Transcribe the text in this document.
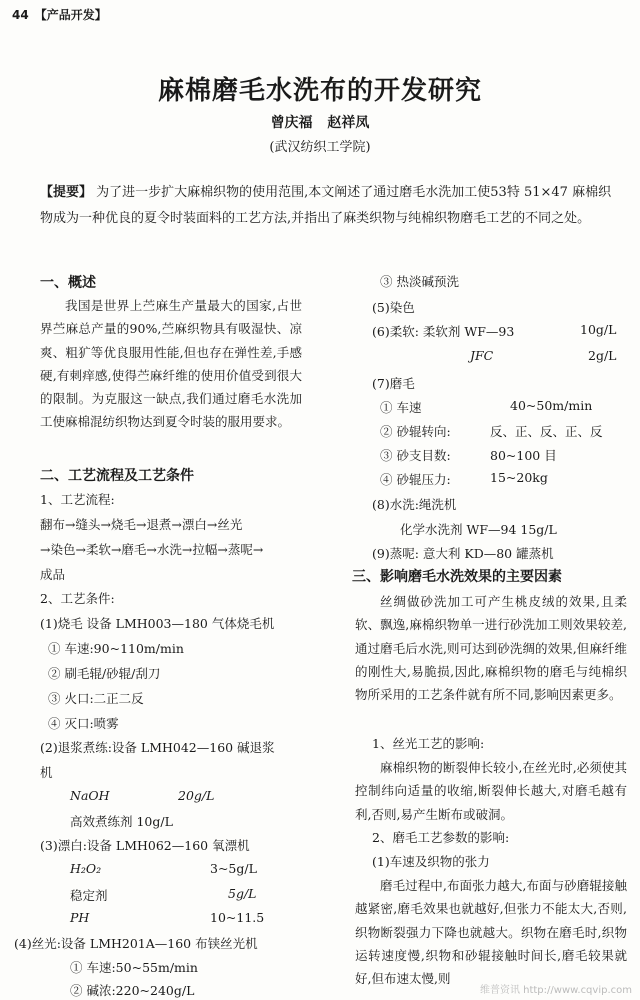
44 【产品开发】
麻棉磨毛水洗布的开发研究
曾庆福 赵祥凤
(武汉纺织工学院)
【提要】 为了进一步扩大麻棉织物的使用范围,本文阐述了通过磨毛水洗加工使53特 51×47 麻棉织物成为一种优良的夏令时装面料的工艺方法,并指出了麻类织物与纯棉织物磨毛工艺的不同之处。
一、概述
我国是世界上苎麻生产量最大的国家,占世界苎麻总产量的90%,苎麻织物具有吸湿快、凉爽、粗犷等优良服用性能,但也存在弹性差,手感硬,有刺痒感,使得苎麻纤维的使用价值受到很大的限制。为克服这一缺点,我们通过磨毛水洗加工使麻棉混纺织物达到夏令时装的服用要求。
二、工艺流程及工艺条件
1、工艺流程:
翻布→缝头→烧毛→退煮→漂白→丝光
→染色→柔软→磨毛→水洗→拉幅→蒸呢→
成品
2、工艺条件:
(1)烧毛 设备 LMH003—180 气体烧毛机
① 车速:90~110m/min
② 刷毛辊/砂辊/刮刀
③ 火口:二正二反
④ 灭口:喷雾
(2)退浆煮练:设备 LMH042—160 碱退浆
机
NaOH	20g/L
高效煮练剂 10g/L
(3)漂白:设备 LMH062—160 氧漂机
H₂O₂	3~5g/L
稳定剂	5g/L
PH	10~11.5
(4)丝光:设备 LMH201A—160 布铗丝光机
① 车速:50~55m/min
② 碱浓:220~240g/L
③ 热淡碱预洗
(5)染色
(6)柔软: 柔软剂 WF—93	10g/L
JFC	2g/L
(7)磨毛
① 车速	40~50m/min
② 砂辊转向:	反、正、反、正、反
③ 砂支目数:	80~100 目
④ 砂辊压力:	15~20kg
(8)水洗:绳洗机
化学水洗剂 WF—94 15g/L
(9)蒸呢: 意大利 KD—80 罐蒸机
三、影响磨毛水洗效果的主要因素
丝绸做砂洗加工可产生桃皮绒的效果,且柔软、飘逸,麻棉织物单一进行砂洗加工则效果较差,通过磨毛后水洗,则可达到砂洗绸的效果,但麻纤维的刚性大,易脆损,因此,麻棉织物的磨毛与纯棉织物所采用的工艺条件就有所不同,影响因素更多。
1、丝光工艺的影响:
麻棉织物的断裂伸长较小,在丝光时,必须使其控制纬向适量的收缩,断裂伸长越大,对磨毛越有利,否则,易产生断布或破洞。
2、磨毛工艺参数的影响:
(1)车速及织物的张力
磨毛过程中,布面张力越大,布面与砂磨辊接触越紧密,磨毛效果也就越好,但张力不能太大,否则,织物断裂强力下降也就越大。织物在磨毛时,织物运转速度慢,织物和砂辊接触时间长,磨毛较果就好,但布速太慢,则
维普资讯 http://www.cqvip.com
